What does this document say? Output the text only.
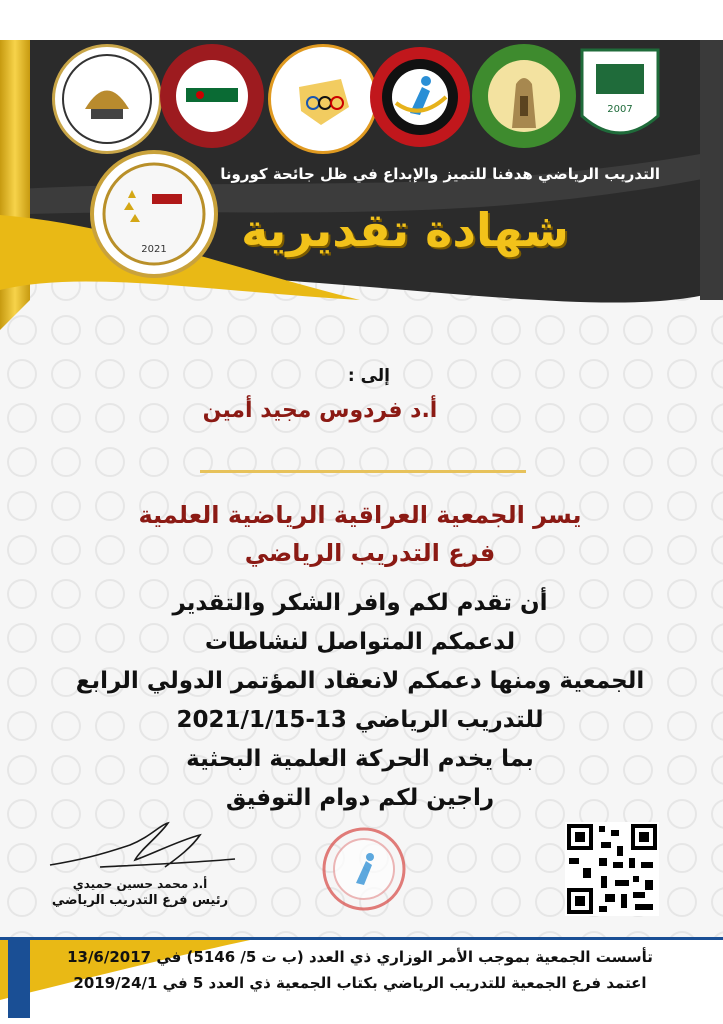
2007
2021
التدريب الرياضي هدفنا للتميز والإبداع في ظل جائحة كورونا
شهادة تقديرية
إلى :
أ.د فردوس مجيد أمين
يسر الجمعية العراقية الرياضية العلمية
فرع التدريب الرياضي
أن تقدم لكم وافر الشكر والتقدير
لدعمكم المتواصل لنشاطات
الجمعية ومنها دعمكم لانعقاد المؤتمر الدولي الرابع
للتدريب الرياضي 13-2021/1/15
بما يخدم الحركة العلمية البحثية
راجين لكم دوام التوفيق
أ.د محمد حسين حميدي
رئيس فرع التدريب الرياضي
تأسست الجمعية بموجب الأمر الوزاري ذي العدد (ب ت 5/ 5146) في 13/6/2017
اعتمد فرع الجمعية للتدريب الرياضي بكتاب الجمعية ذي العدد 5 في 2019/24/1
